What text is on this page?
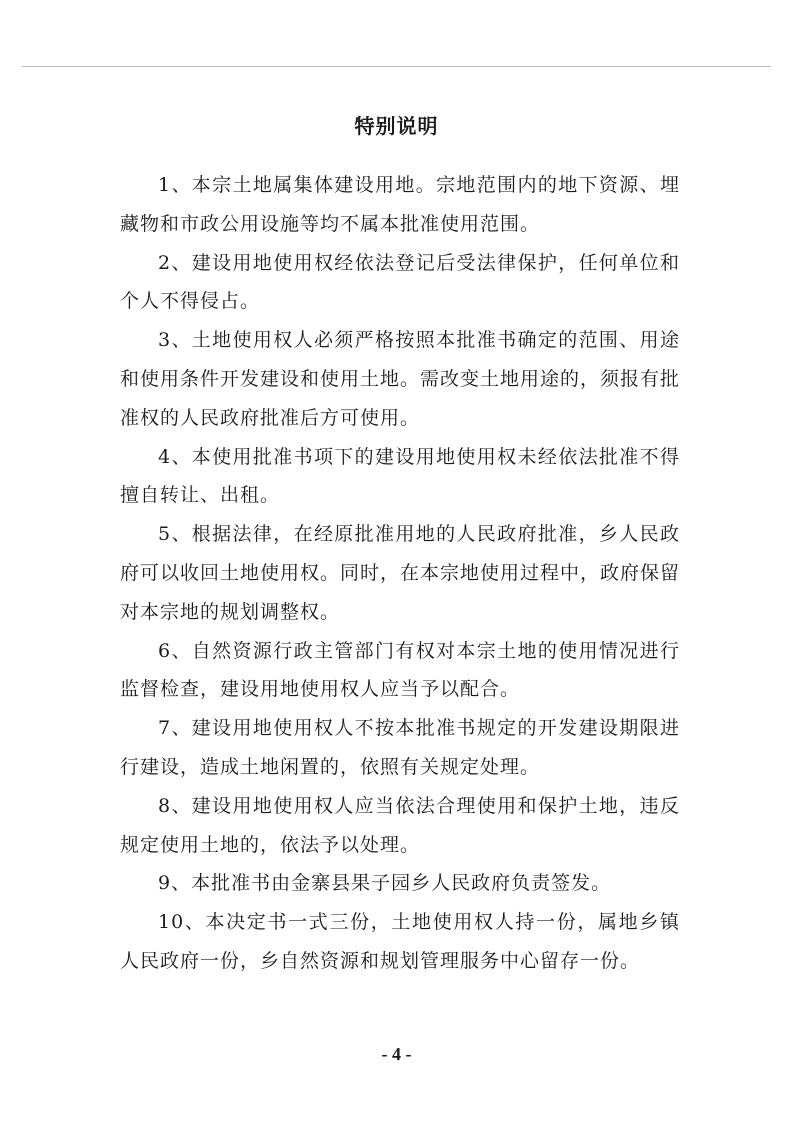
特别说明

1、本宗土地属集体建设用地。宗地范围内的地下资源、埋藏物和市政公用设施等均不属本批准使用范围。

2、建设用地使用权经依法登记后受法律保护，任何单位和个人不得侵占。

3、土地使用权人必须严格按照本批准书确定的范围、用途和使用条件开发建设和使用土地。需改变土地用途的，须报有批准权的人民政府批准后方可使用。

4、本使用批准书项下的建设用地使用权未经依法批准不得擅自转让、出租。

5、根据法律，在经原批准用地的人民政府批准，乡人民政府可以收回土地使用权。同时，在本宗地使用过程中，政府保留对本宗地的规划调整权。

6、自然资源行政主管部门有权对本宗土地的使用情况进行监督检查，建设用地使用权人应当予以配合。

7、建设用地使用权人不按本批准书规定的开发建设期限进行建设，造成土地闲置的，依照有关规定处理。

8、建设用地使用权人应当依法合理使用和保护土地，违反规定使用土地的，依法予以处理。

9、本批准书由金寨县果子园乡人民政府负责签发。

10、本决定书一式三份，土地使用权人持一份，属地乡镇人民政府一份，乡自然资源和规划管理服务中心留存一份。

- 4 -
